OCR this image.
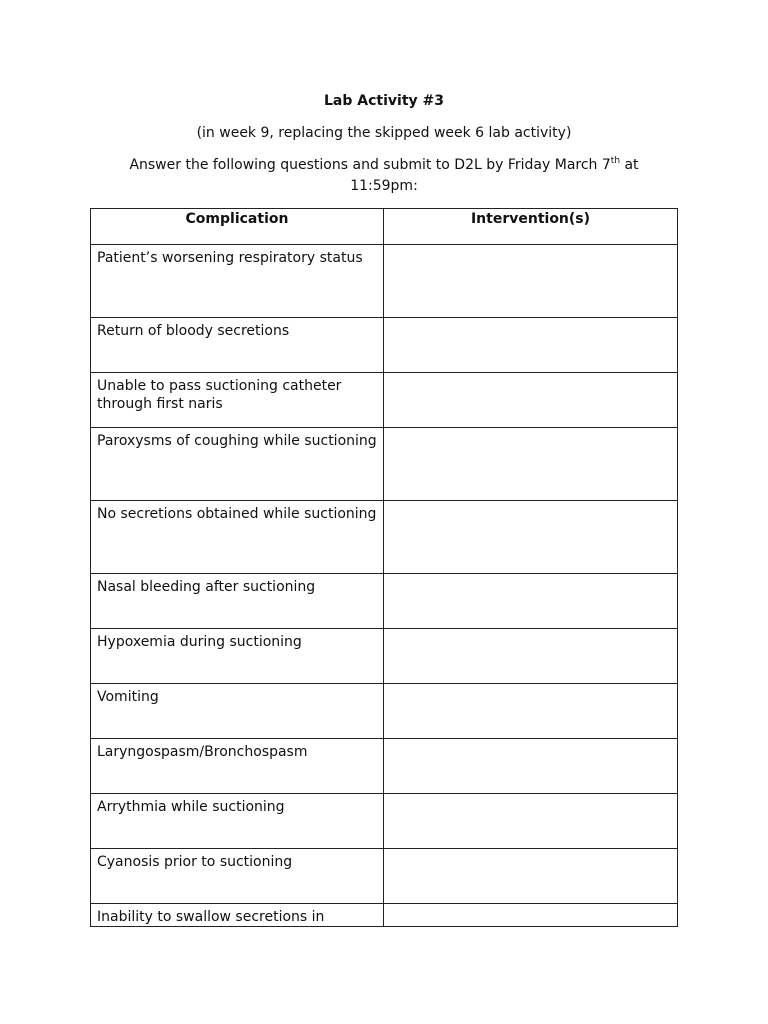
Lab Activity #3
(in week 9, replacing the skipped week 6 lab activity)
Answer the following questions and submit to D2L by Friday March 7th at 11:59pm:
Complication	Intervention(s)
Patient’s worsening respiratory status	
Return of bloody secretions	
Unable to pass suctioning catheter through first naris	
Paroxysms of coughing while suctioning	
No secretions obtained while suctioning	
Nasal bleeding after suctioning	
Hypoxemia during suctioning	
Vomiting	
Laryngospasm/Bronchospasm	
Arrythmia while suctioning	
Cyanosis prior to suctioning	
Inability to swallow secretions in	
